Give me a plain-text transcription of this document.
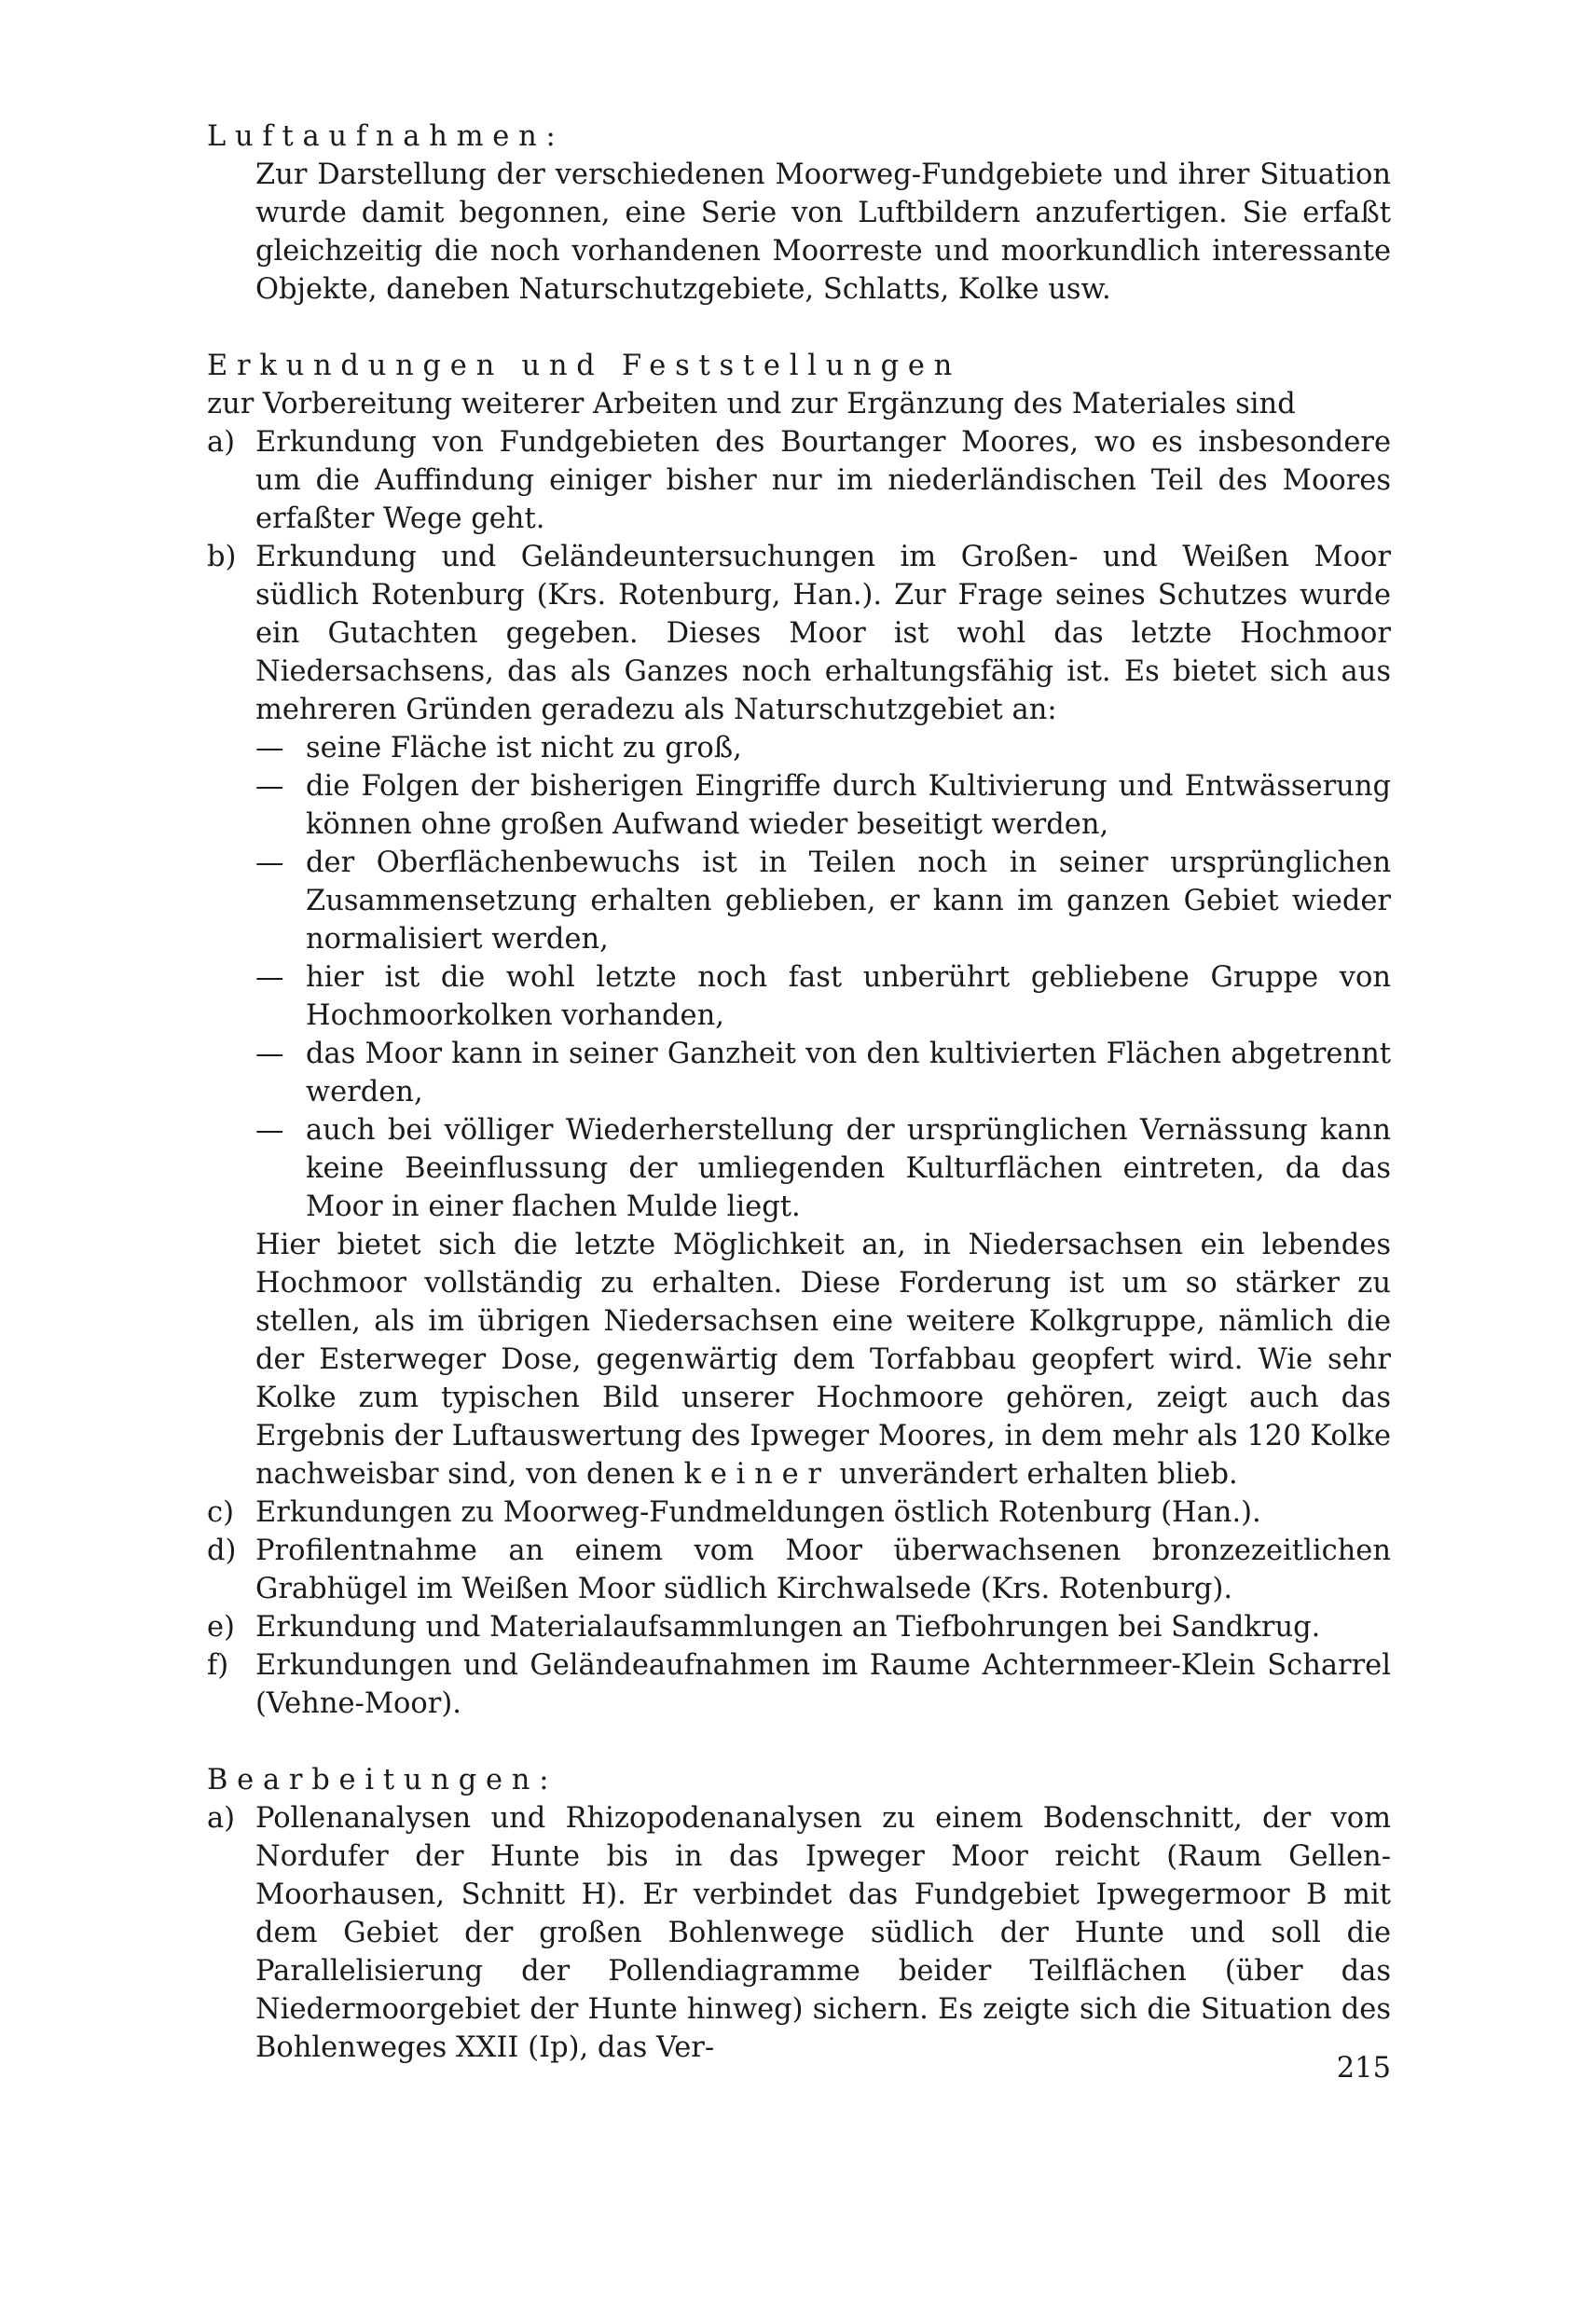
Luftaufnahmen:

Zur Darstellung der verschiedenen Moorweg-Fundgebiete und ihrer Situation wurde damit begonnen, eine Serie von Luftbildern anzufertigen. Sie erfaßt gleichzeitig die noch vorhandenen Moorreste und moorkundlich interessante Objekte, daneben Naturschutzgebiete, Schlatts, Kolke usw.

Erkundungen und Feststellungen

zur Vorbereitung weiterer Arbeiten und zur Ergänzung des Materiales sind

a) Erkundung von Fundgebieten des Bourtanger Moores, wo es insbesondere um die Auffindung einiger bisher nur im niederländischen Teil des Moores erfaßter Wege geht.
b) Erkundung und Geländeuntersuchungen im Großen- und Weißen Moor südlich Rotenburg (Krs. Rotenburg, Han.). Zur Frage seines Schutzes wurde ein Gutachten gegeben. Dieses Moor ist wohl das letzte Hochmoor Niedersachsens, das als Ganzes noch erhaltungsfähig ist. Es bietet sich aus mehreren Gründen geradezu als Naturschutzgebiet an:

— seine Fläche ist nicht zu groß,
— die Folgen der bisherigen Eingriffe durch Kultivierung und Entwässerung können ohne großen Aufwand wieder beseitigt werden,
— der Oberflächenbewuchs ist in Teilen noch in seiner ursprünglichen Zusammensetzung erhalten geblieben, er kann im ganzen Gebiet wieder normalisiert werden,
— hier ist die wohl letzte noch fast unberührt gebliebene Gruppe von Hochmoorkolken vorhanden,
— das Moor kann in seiner Ganzheit von den kultivierten Flächen abgetrennt werden,
— auch bei völliger Wiederherstellung der ursprünglichen Vernässung kann keine Beeinflussung der umliegenden Kulturflächen eintreten, da das Moor in einer flachen Mulde liegt.

Hier bietet sich die letzte Möglichkeit an, in Niedersachsen ein lebendes Hochmoor vollständig zu erhalten. Diese Forderung ist um so stärker zu stellen, als im übrigen Niedersachsen eine weitere Kolkgruppe, nämlich die der Esterweger Dose, gegenwärtig dem Torfabbau geopfert wird. Wie sehr Kolke zum typischen Bild unserer Hochmoore gehören, zeigt auch das Ergebnis der Luftauswertung des Ipweger Moores, in dem mehr als 120 Kolke nachweisbar sind, von denen keiner unverändert erhalten blieb.

c) Erkundungen zu Moorweg-Fundmeldungen östlich Rotenburg (Han.).
d) Profilentnahme an einem vom Moor überwachsenen bronzezeitlichen Grabhügel im Weißen Moor südlich Kirchwalsede (Krs. Rotenburg).
e) Erkundung und Materialaufsammlungen an Tiefbohrungen bei Sandkrug.
f) Erkundungen und Geländeaufnahmen im Raume Achternmeer-Klein Scharrel (Vehne-Moor).
Bearbeitungen:
a) Pollenanalysen und Rhizopodenanalysen zu einem Bodenschnitt, der vom Nordufer der Hunte bis in das Ipweger Moor reicht (Raum Gellen-Moorhausen, Schnitt H). Er verbindet das Fundgebiet Ipwegermoor B mit dem Gebiet der großen Bohlenwege südlich der Hunte und soll die Parallelisierung der Pollendiagramme beider Teilflächen (über das Niedermoorgebiet der Hunte hinweg) sichern. Es zeigte sich die Situation des Bohlenweges XXII (Ip), das Ver-
215
